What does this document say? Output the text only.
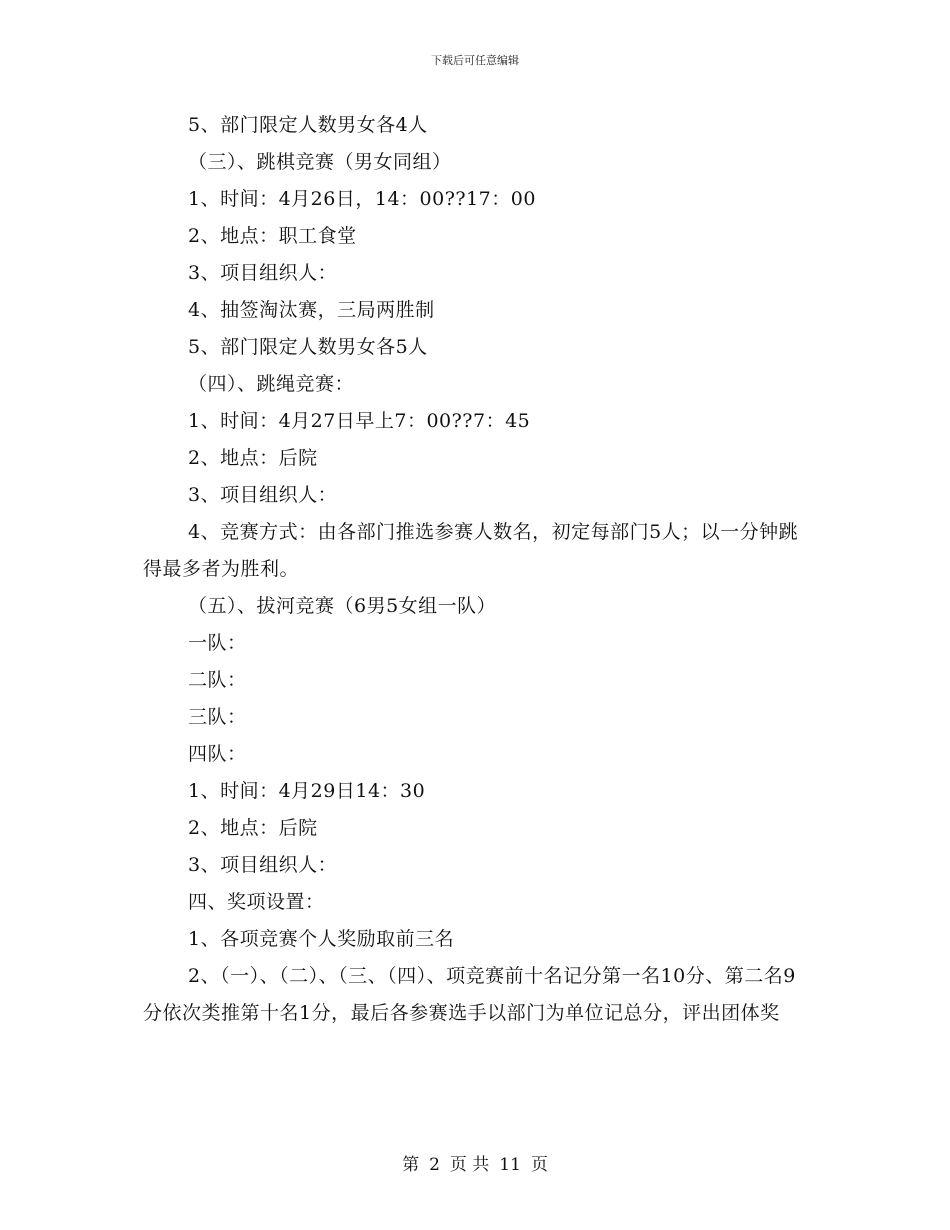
下载后可任意编辑

5、部门限定人数男女各4人

（三）、跳棋竞赛（男女同组）

1、时间：4月26日，14：00??17：00

2、地点：职工食堂

3、项目组织人：

4、抽签淘汰赛，三局两胜制

5、部门限定人数男女各5人

（四）、跳绳竞赛：

1、时间：4月27日早上7：00??7：45

2、地点：后院

3、项目组织人：

4、竞赛方式：由各部门推选参赛人数名，初定每部门5人；以一分钟跳得最多者为胜利。

（五）、拔河竞赛（6男5女组一队）

一队：

二队：

三队：

四队：

1、时间：4月29日14：30

2、地点：后院

3、项目组织人：

四、奖项设置：

1、各项竞赛个人奖励取前三名

2、（一）、（二）、（三、（四）、项竞赛前十名记分第一名10分、第二名9分依次类推第十名1分，最后各参赛选手以部门为单位记总分，评出团体奖

第 2 页 共 11 页
